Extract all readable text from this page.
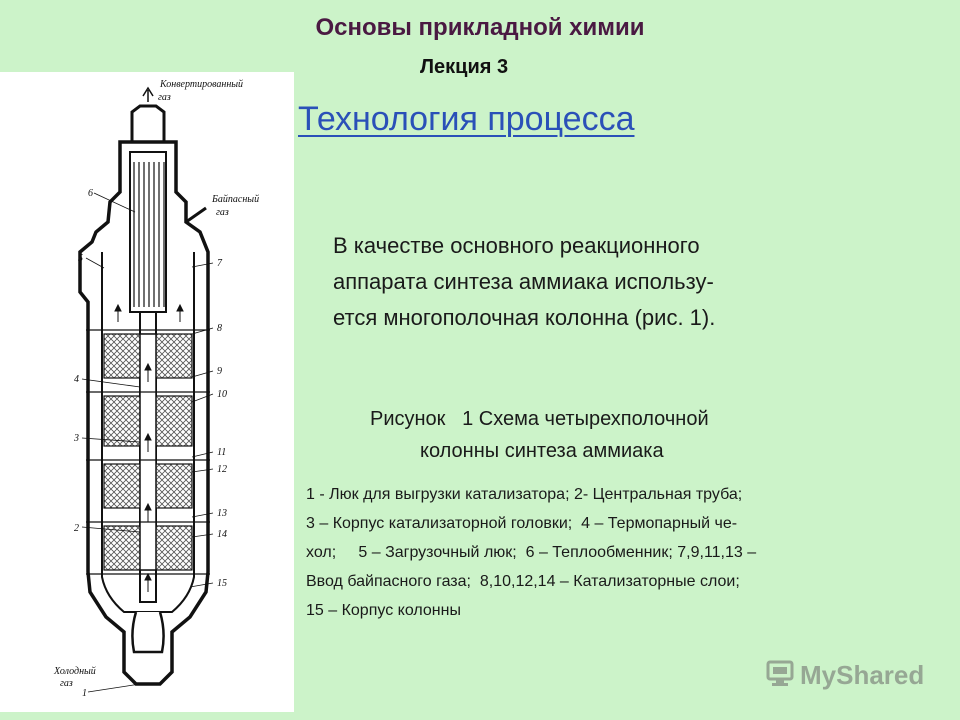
Основы прикладной химии
Лекция 3
Конвертированный
газ
Байпасный
газ
Холодный
газ
1
2
3
4
5
6
7
8
9
10
11
12
13
14
15
Технология процесса
В качестве основного реакционного
аппарата синтеза аммиака использу-
ется многополочная колонна (рис. 1).
Рисунок   1 Схема четырехполочной
колонны синтеза аммиака
1 - Люк для выгрузки катализатора; 2- Центральная труба;
3 – Корпус катализаторной головки;  4 – Термопарный че-
хол;     5 – Загрузочный люк;  6 – Теплообменник; 7,9,11,13 –
Ввод байпасного газа;  8,10,12,14 – Катализаторные слои;
15 – Корпус колонны
MyShared
